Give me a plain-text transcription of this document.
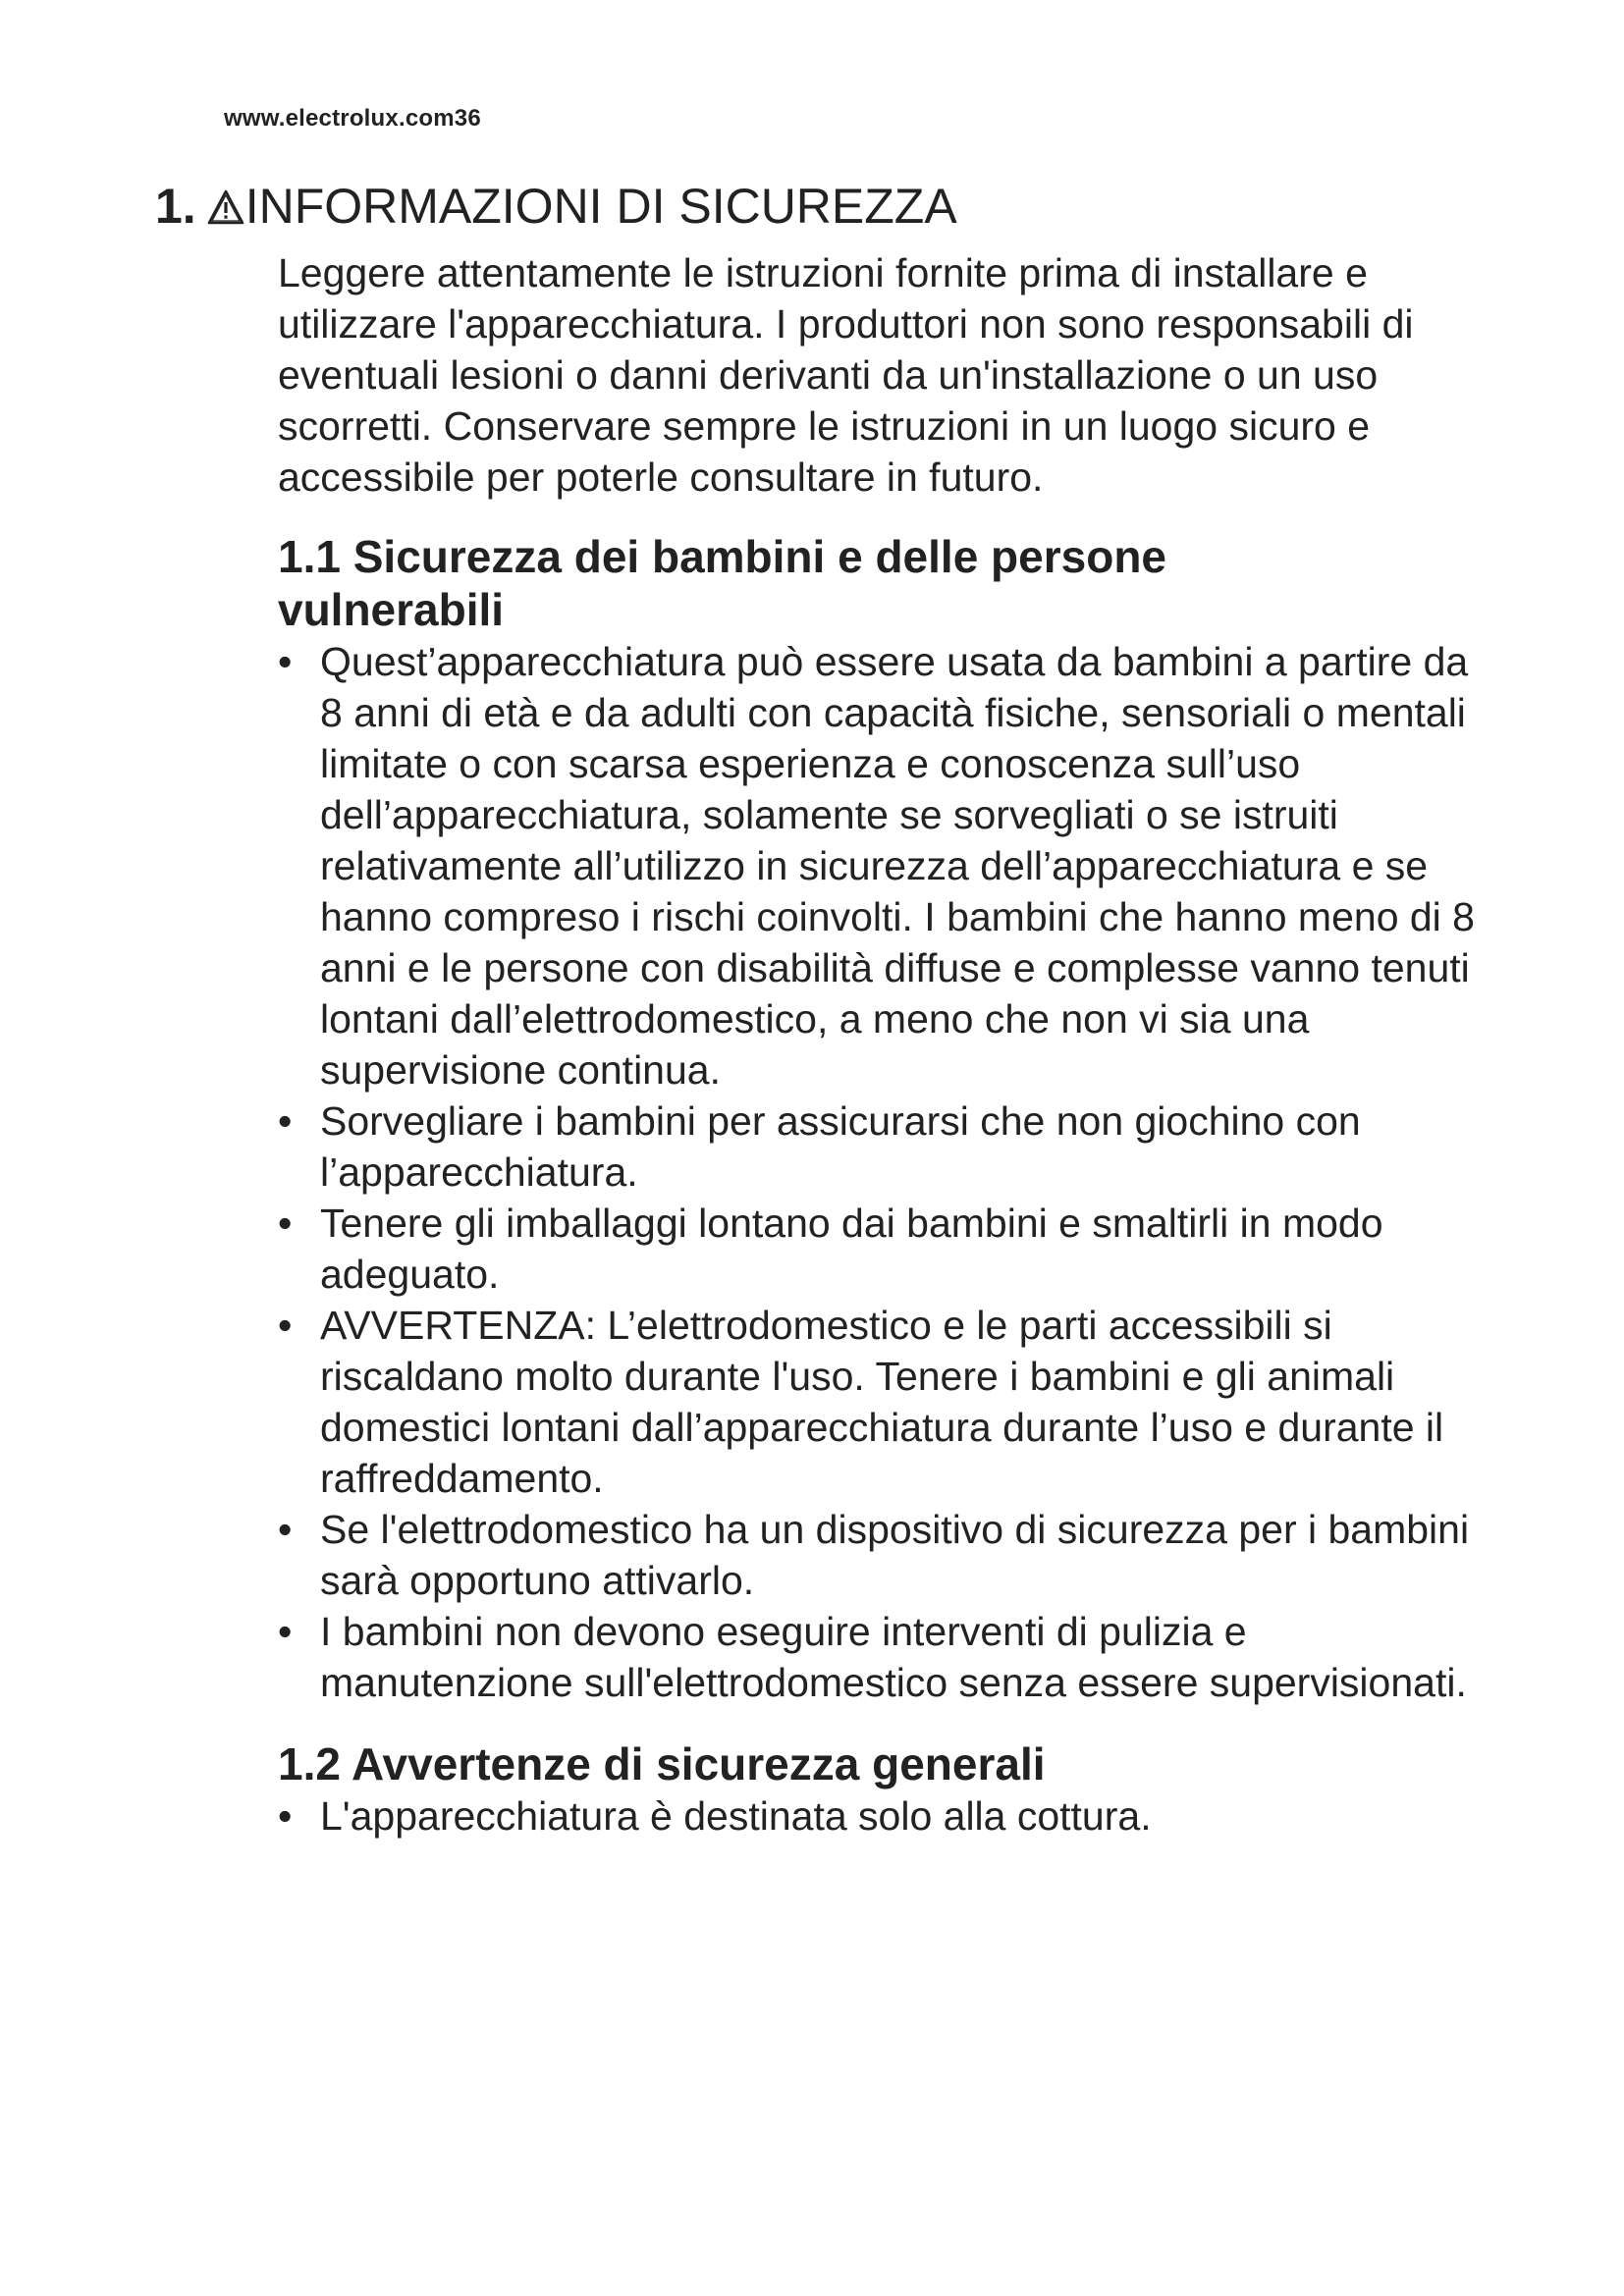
www.electrolux.com36
1. INFORMAZIONI DI SICUREZZA

Leggere attentamente le istruzioni fornite prima di installare e utilizzare l'apparecchiatura. I produttori non sono responsabili di eventuali lesioni o danni derivanti da un'installazione o un uso scorretti. Conservare sempre le istruzioni in un luogo sicuro e accessibile per poterle consultare in futuro.

1.1 Sicurezza dei bambini e delle persone vulnerabili
• Quest’apparecchiatura può essere usata da bambini a partire da 8 anni di età e da adulti con capacità fisiche, sensoriali o mentali limitate o con scarsa esperienza e conoscenza sull’uso dell’apparecchiatura, solamente se sorvegliati o se istruiti relativamente all’utilizzo in sicurezza dell’apparecchiatura e se hanno compreso i rischi coinvolti. I bambini che hanno meno di 8 anni e le persone con disabilità diffuse e complesse vanno tenuti lontani dall’elettrodomestico, a meno che non vi sia una supervisione continua.
• Sorvegliare i bambini per assicurarsi che non giochino con l’apparecchiatura.
• Tenere gli imballaggi lontano dai bambini e smaltirli in modo adeguato.
• AVVERTENZA: L’elettrodomestico e le parti accessibili si riscaldano molto durante l'uso. Tenere i bambini e gli animali domestici lontani dall’apparecchiatura durante l’uso e durante il raffreddamento.
• Se l'elettrodomestico ha un dispositivo di sicurezza per i bambini sarà opportuno attivarlo.
• I bambini non devono eseguire interventi di pulizia e manutenzione sull'elettrodomestico senza essere supervisionati.
1.2 Avvertenze di sicurezza generali
• L'apparecchiatura è destinata solo alla cottura.
